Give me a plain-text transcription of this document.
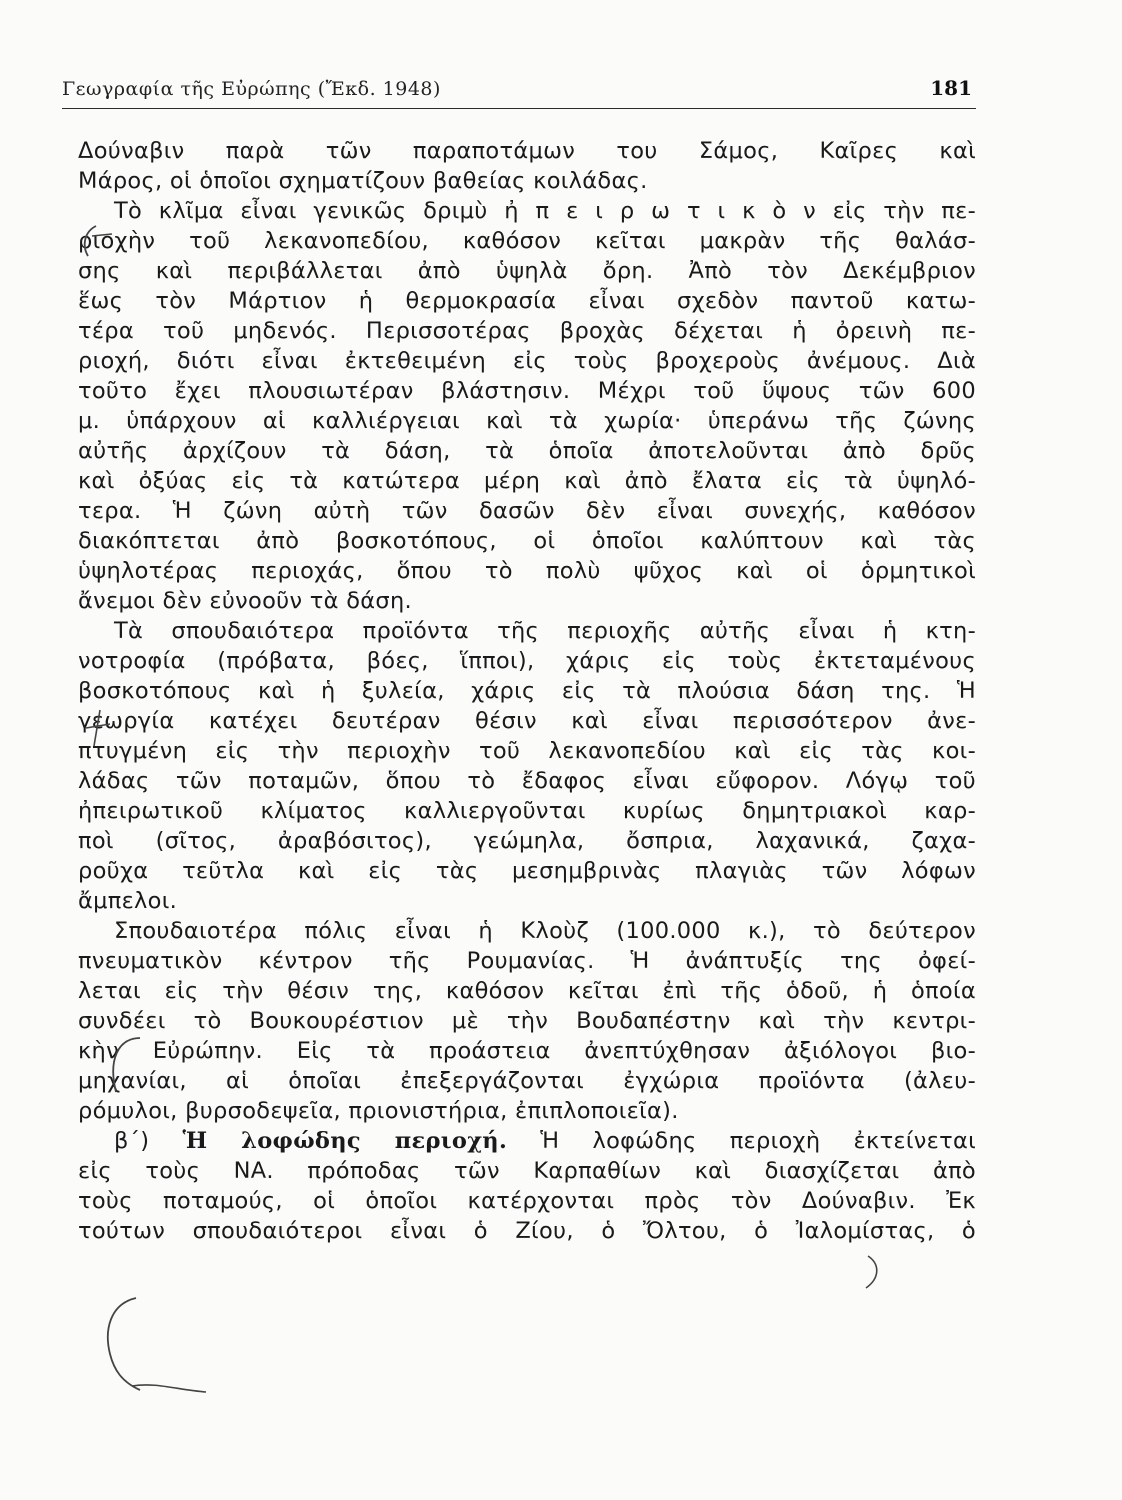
Γεωγραφία τῆς Εὐρώπης (Ἔκδ. 1948)	181
Δούναβιν παρὰ τῶν παραποτάμων του Σάμος, Καῖρες καὶ
Μάρος, οἱ ὁποῖοι σχηματίζουν βαθείας κοιλάδας.
Τὸ κλῖμα εἶναι γενικῶς δριμὺ ἠ π ε ι ρ ω τ ι κ ὸ ν εἰς τὴν πε-
ριοχὴν τοῦ λεκανοπεδίου, καθόσον κεῖται μακρὰν τῆς θαλάσ-
σης καὶ περιβάλλεται ἀπὸ ὑψηλὰ ὄρη. Ἀπὸ τὸν Δεκέμβριον
ἕως τὸν Μάρτιον ἡ θερμοκρασία εἶναι σχεδὸν παντοῦ κατω-
τέρα τοῦ μηδενός. Περισσοτέρας βροχὰς δέχεται ἡ ὀρεινὴ πε-
ριοχή, διότι εἶναι ἐκτεθειμένη εἰς τοὺς βροχεροὺς ἀνέμους. Διὰ
τοῦτο ἔχει πλουσιωτέραν βλάστησιν. Μέχρι τοῦ ὕψους τῶν 600
μ. ὑπάρχουν αἱ καλλιέργειαι καὶ τὰ χωρία· ὑπεράνω τῆς ζώνης
αὐτῆς ἀρχίζουν τὰ δάση, τὰ ὁποῖα ἀποτελοῦνται ἀπὸ δρῦς
καὶ ὀξύας εἰς τὰ κατώτερα μέρη καὶ ἀπὸ ἔλατα εἰς τὰ ὑψηλό-
τερα. Ἡ ζώνη αὐτὴ τῶν δασῶν δὲν εἶναι συνεχής, καθόσον
διακόπτεται ἀπὸ βοσκοτόπους, οἱ ὁποῖοι καλύπτουν καὶ τὰς
ὑψηλοτέρας περιοχάς, ὅπου τὸ πολὺ ψῦχος καὶ οἱ ὁρμητικοὶ
ἄνεμοι δὲν εὐνοοῦν τὰ δάση.
Τὰ σπουδαιότερα προϊόντα τῆς περιοχῆς αὐτῆς εἶναι ἡ κτη-
νοτροφία (πρόβατα, βόες, ἵπποι), χάρις εἰς τοὺς ἐκτεταμένους
βοσκοτόπους καὶ ἡ ξυλεία, χάρις εἰς τὰ πλούσια δάση της. Ἡ
γεωργία κατέχει δευτέραν θέσιν καὶ εἶναι περισσότερον ἀνε-
πτυγμένη εἰς τὴν περιοχὴν τοῦ λεκανοπεδίου καὶ εἰς τὰς κοι-
λάδας τῶν ποταμῶν, ὅπου τὸ ἔδαφος εἶναι εὔφορον. Λόγῳ τοῦ
ἠπειρωτικοῦ κλίματος καλλιεργοῦνται κυρίως δημητριακοὶ καρ-
ποὶ (σῖτος, ἀραβόσιτος), γεώμηλα, ὄσπρια, λαχανικά, ζαχα-
ροῦχα τεῦτλα καὶ εἰς τὰς μεσημβρινὰς πλαγιὰς τῶν λόφων
ἄμπελοι.
Σπουδαιοτέρα πόλις εἶναι ἡ Κλοὺζ (100.000 κ.), τὸ δεύτερον
πνευματικὸν κέντρον τῆς Ρουμανίας. Ἡ ἀνάπτυξίς της ὀφεί-
λεται εἰς τὴν θέσιν της, καθόσον κεῖται ἐπὶ τῆς ὁδοῦ, ἡ ὁποία
συνδέει τὸ Βουκουρέστιον μὲ τὴν Βουδαπέστην καὶ τὴν κεντρι-
κὴν Εὐρώπην. Εἰς τὰ προάστεια ἀνεπτύχθησαν ἀξιόλογοι βιο-
μηχανίαι, αἱ ὁποῖαι ἐπεξεργάζονται ἐγχώρια προϊόντα (ἀλευ-
ρόμυλοι, βυρσοδεψεῖα, πριονιστήρια, ἐπιπλοποιεῖα).
β΄) Ἡ λοφώδης περιοχή. Ἡ λοφώδης περιοχὴ ἐκτείνεται
εἰς τοὺς ΝΑ. πρόποδας τῶν Καρπαθίων καὶ διασχίζεται ἀπὸ
τοὺς ποταμούς, οἱ ὁποῖοι κατέρχονται πρὸς τὸν Δούναβιν. Ἐκ
τούτων σπουδαιότεροι εἶναι ὁ Ζίου, ὁ Ὄλτου, ὁ Ἰαλομίστας, ὁ
